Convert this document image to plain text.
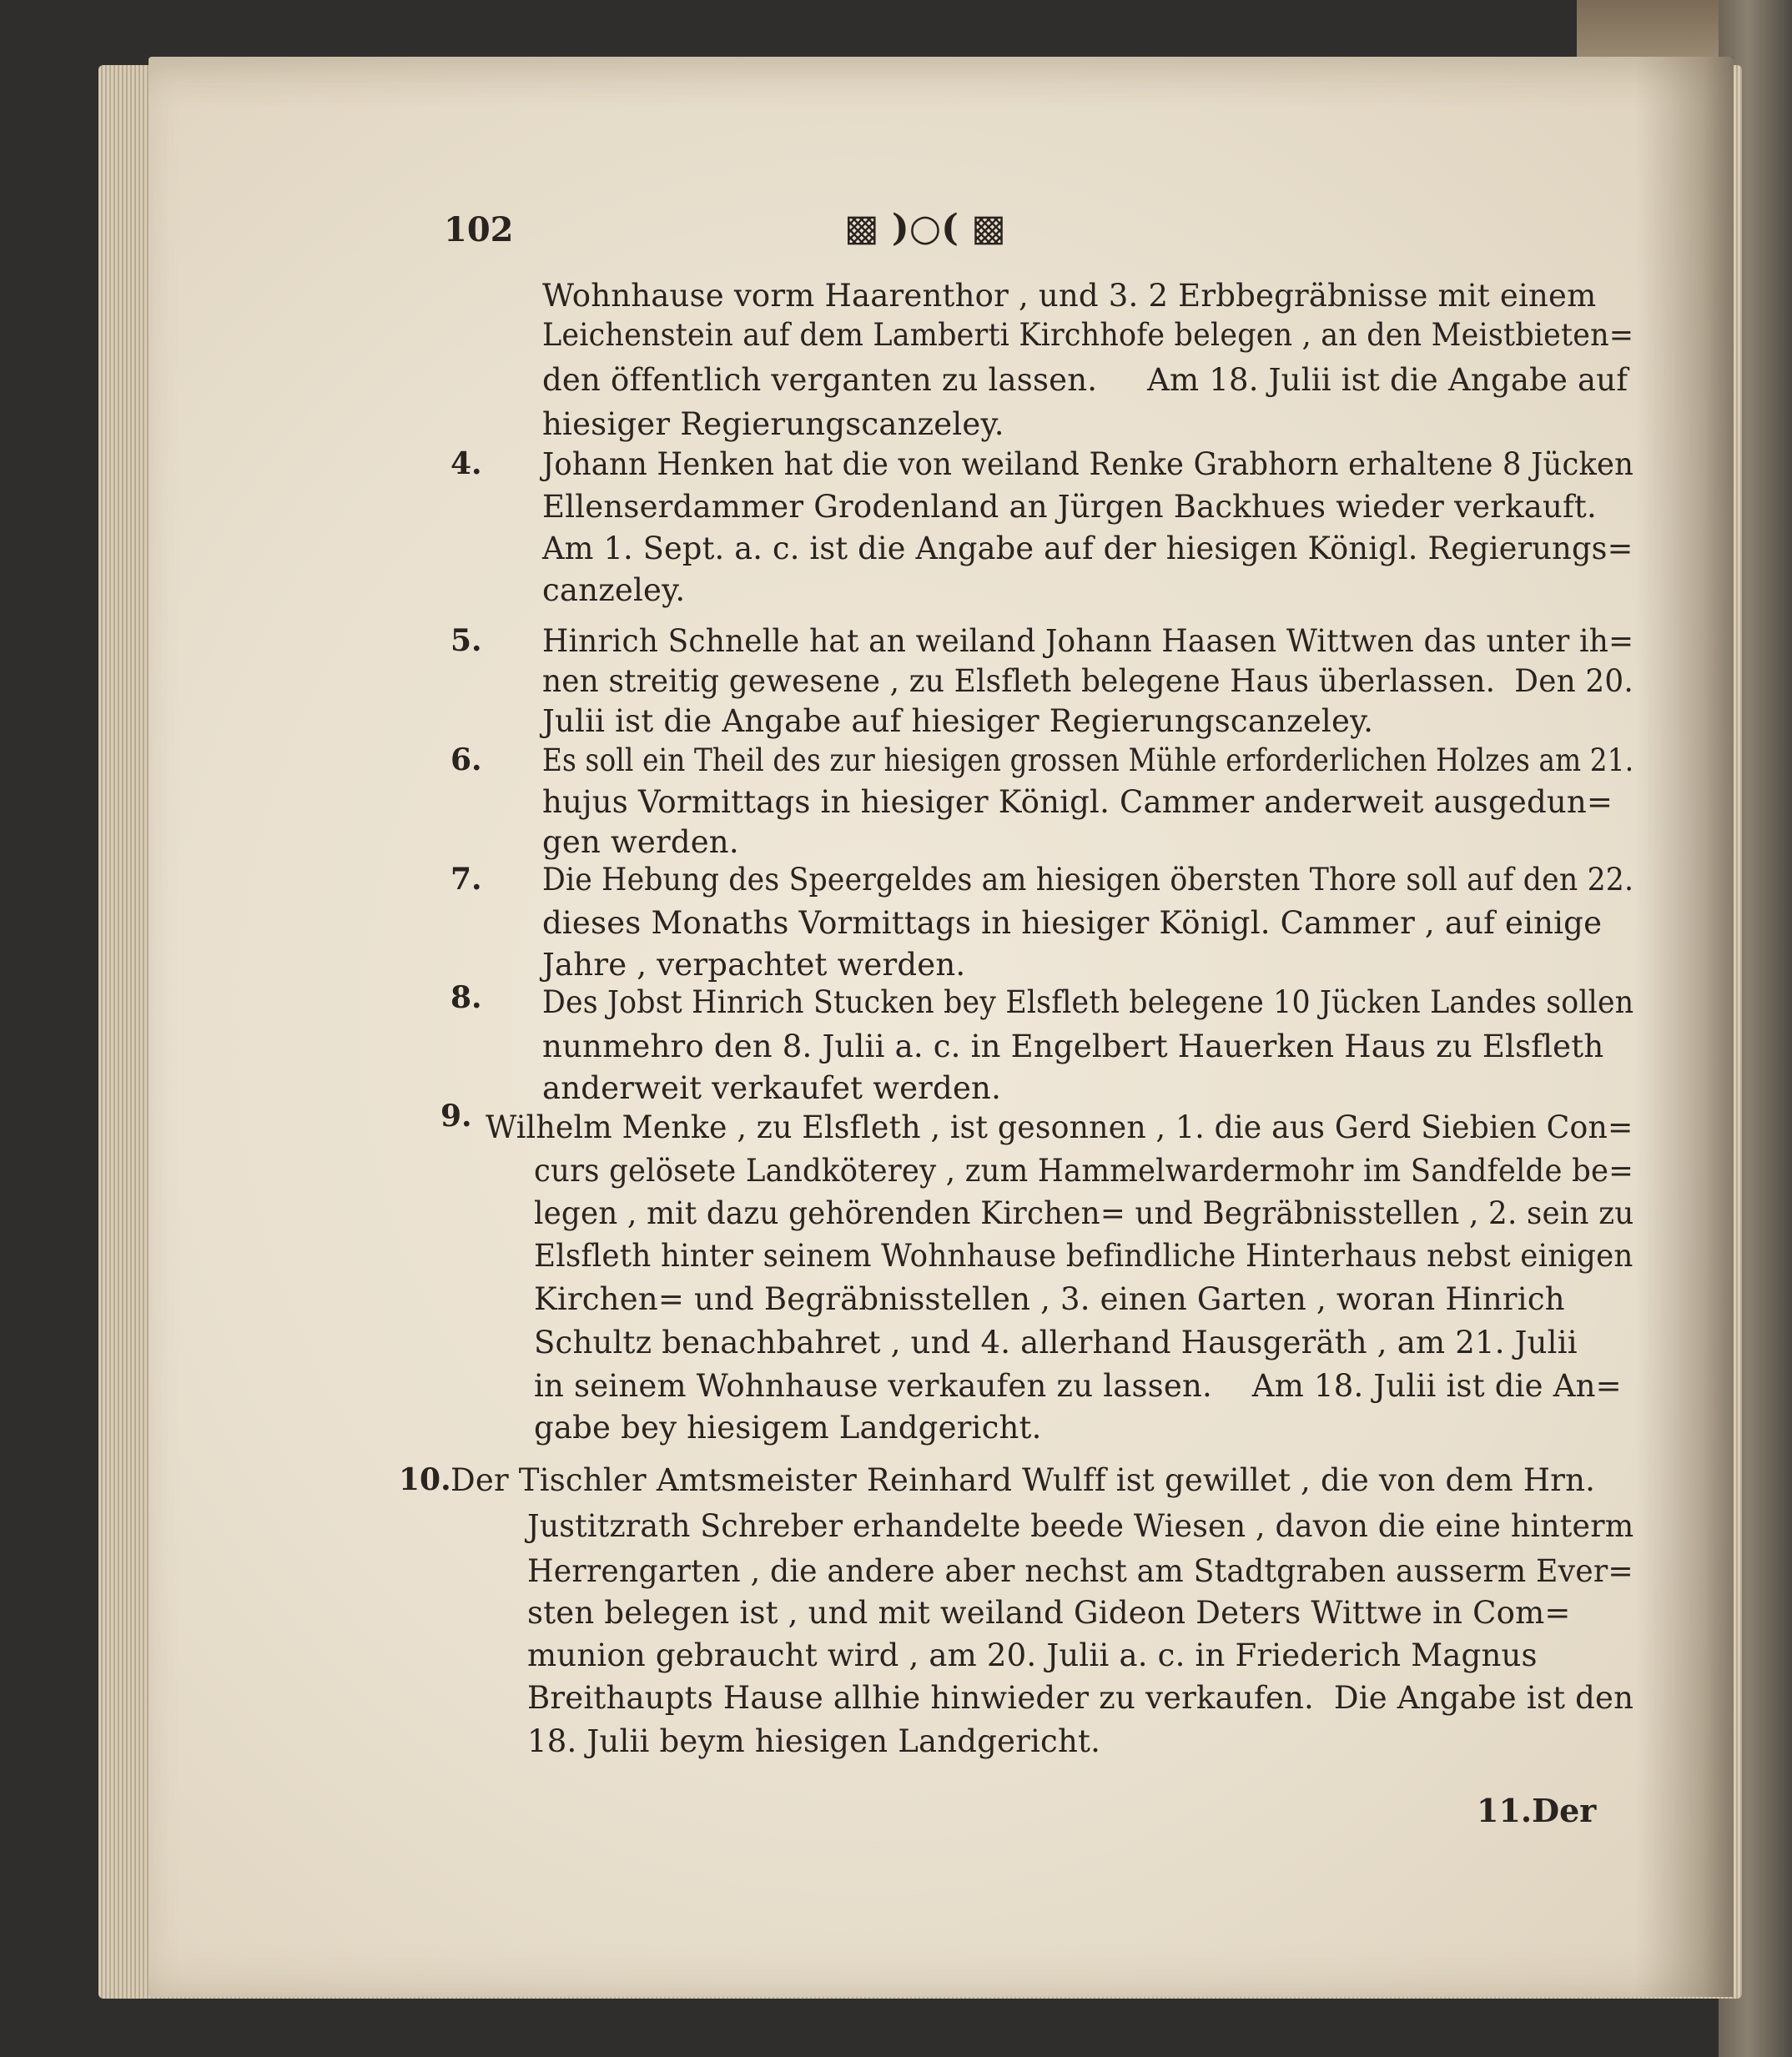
102	▩ )○( ▩
4.
5.
6.
7.
8.
9.
10.
Wohnhause vorm Haarenthor , und 3. 2 Erbbegräbnisse mit einem
Leichenstein auf dem Lamberti Kirchhofe belegen , an den Meistbieten=
den öffentlich verganten zu lassen.     Am 18. Julii ist die Angabe auf
hiesiger Regierungscanzeley.
Johann Henken hat die von weiland Renke Grabhorn erhaltene 8 Jücken
Ellenserdammer Grodenland an Jürgen Backhues wieder verkauft.
Am 1. Sept. a. c. ist die Angabe auf der hiesigen Königl. Regierungs=
canzeley.
Hinrich Schnelle hat an weiland Johann Haasen Wittwen das unter ih=
nen streitig gewesene , zu Elsfleth belegene Haus überlassen.  Den 20.
Julii ist die Angabe auf hiesiger Regierungscanzeley.
Es soll ein Theil des zur hiesigen grossen Mühle erforderlichen Holzes am 21.
hujus Vormittags in hiesiger Königl. Cammer anderweit ausgedun=
gen werden.
Die Hebung des Speergeldes am hiesigen öbersten Thore soll auf den 22.
dieses Monaths Vormittags in hiesiger Königl. Cammer , auf einige
Jahre , verpachtet werden.
Des Jobst Hinrich Stucken bey Elsfleth belegene 10 Jücken Landes sollen
nunmehro den 8. Julii a. c. in Engelbert Hauerken Haus zu Elsfleth
anderweit verkaufet werden.
Wilhelm Menke , zu Elsfleth , ist gesonnen , 1. die aus Gerd Siebien Con=
curs gelösete Landköterey , zum Hammelwardermohr im Sandfelde be=
legen , mit dazu gehörenden Kirchen= und Begräbnisstellen , 2. sein zu
Elsfleth hinter seinem Wohnhause befindliche Hinterhaus nebst einigen
Kirchen= und Begräbnisstellen , 3. einen Garten , woran Hinrich
Schultz benachbahret , und 4. allerhand Hausgeräth , am 21. Julii
in seinem Wohnhause verkaufen zu lassen.    Am 18. Julii ist die An=
gabe bey hiesigem Landgericht.
Der Tischler Amtsmeister Reinhard Wulff ist gewillet , die von dem Hrn.
Justitzrath Schreber erhandelte beede Wiesen , davon die eine hinterm
Herrengarten , die andere aber nechst am Stadtgraben ausserm Ever=
sten belegen ist , und mit weiland Gideon Deters Wittwe in Com=
munion gebraucht wird , am 20. Julii a. c. in Friederich Magnus
Breithaupts Hause allhie hinwieder zu verkaufen.  Die Angabe ist den
18. Julii beym hiesigen Landgericht.
11.Der
